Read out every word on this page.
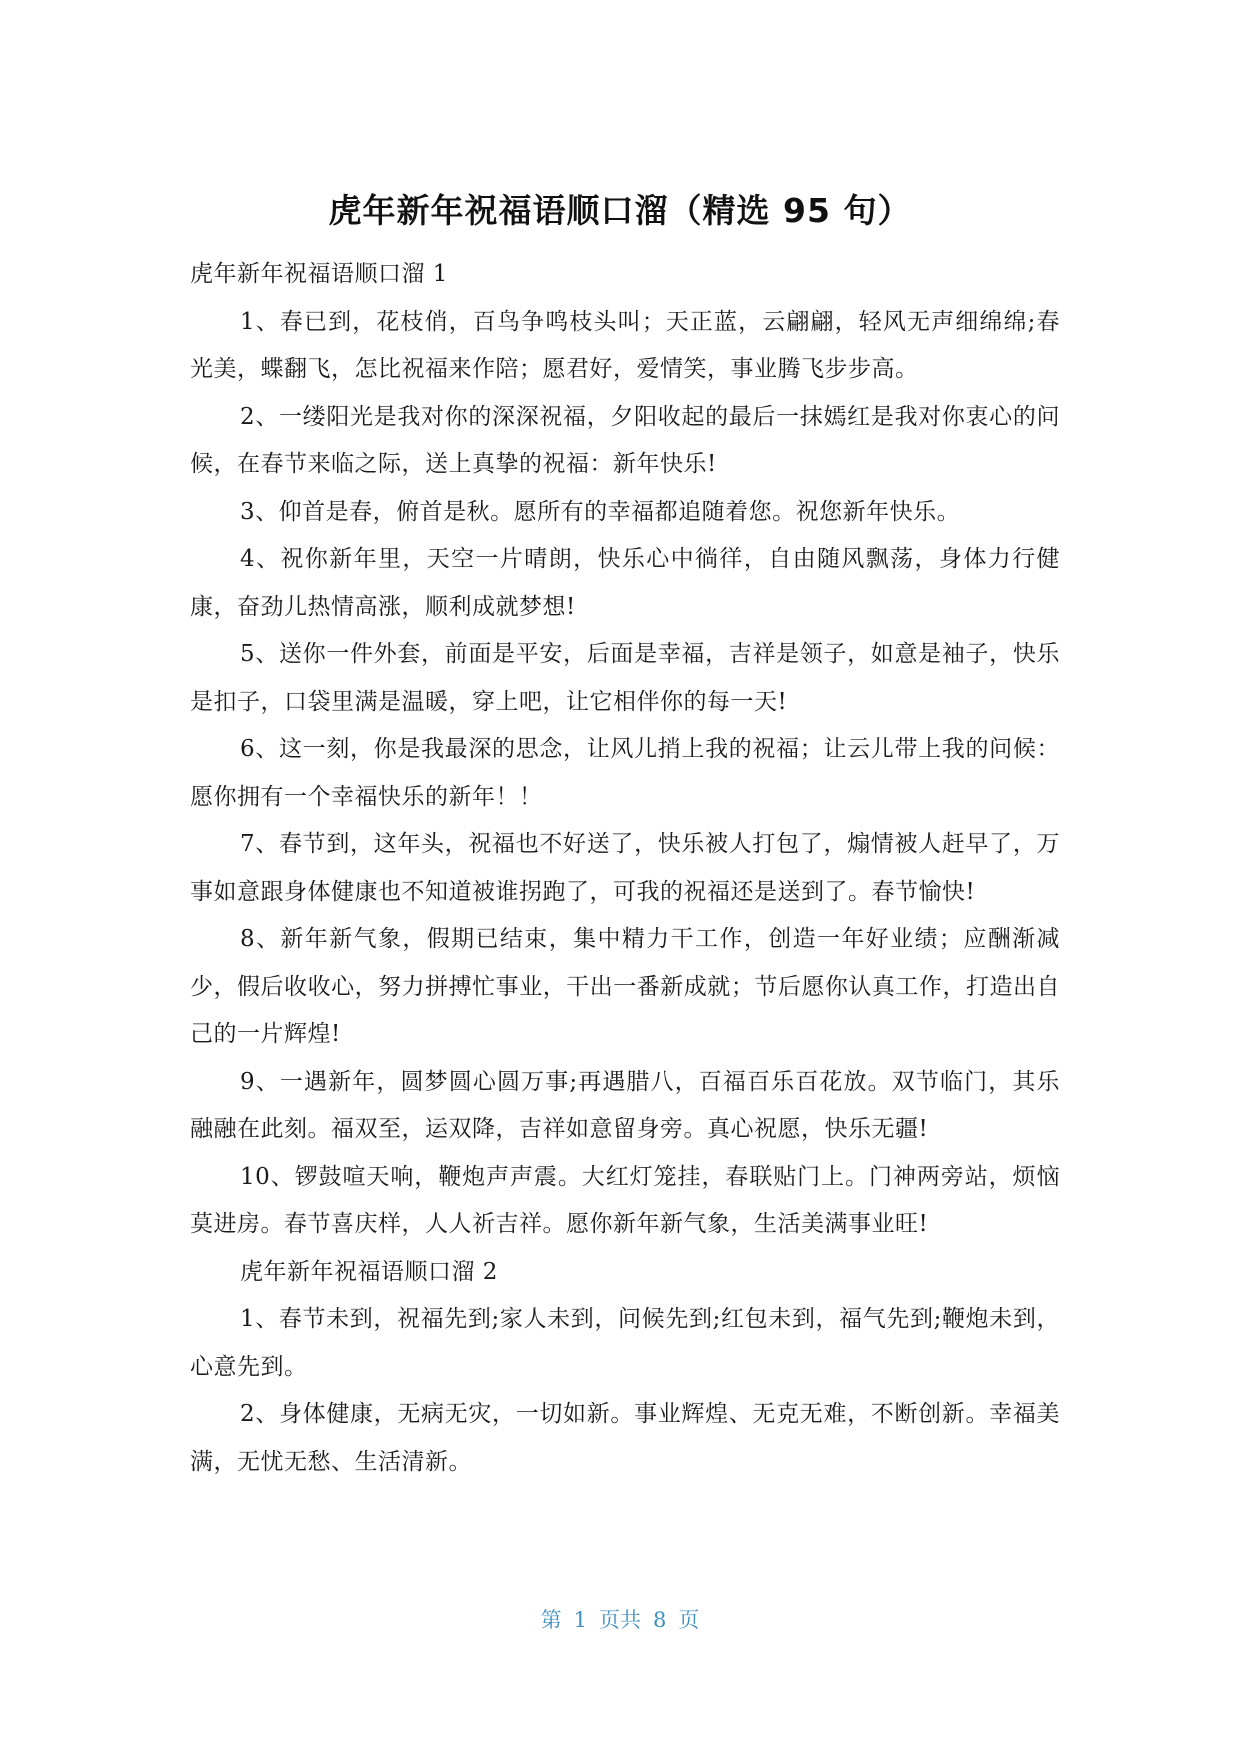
虎年新年祝福语顺口溜（精选 95 句）

虎年新年祝福语顺口溜 1

1、春已到，花枝俏，百鸟争鸣枝头叫；天正蓝，云翩翩，轻风无声细绵绵;春光美，蝶翻飞，怎比祝福来作陪；愿君好，爱情笑，事业腾飞步步高。

2、一缕阳光是我对你的深深祝福，夕阳收起的最后一抹嫣红是我对你衷心的问候，在春节来临之际，送上真挚的祝福：新年快乐!

3、仰首是春，俯首是秋。愿所有的幸福都追随着您。祝您新年快乐。

4、祝你新年里，天空一片晴朗，快乐心中徜徉，自由随风飘荡，身体力行健康，奋劲儿热情高涨，顺利成就梦想!

5、送你一件外套，前面是平安，后面是幸福，吉祥是领子，如意是袖子，快乐是扣子，口袋里满是温暖，穿上吧，让它相伴你的每一天!

6、这一刻，你是我最深的思念，让风儿捎上我的祝福；让云儿带上我的问候：愿你拥有一个幸福快乐的新年！！

7、春节到，这年头，祝福也不好送了，快乐被人打包了，煽情被人赶早了，万事如意跟身体健康也不知道被谁拐跑了，可我的祝福还是送到了。春节愉快!

8、新年新气象，假期已结束，集中精力干工作，创造一年好业绩；应酬渐减少，假后收收心，努力拼搏忙事业，干出一番新成就；节后愿你认真工作，打造出自己的一片辉煌!

9、一遇新年，圆梦圆心圆万事;再遇腊八，百福百乐百花放。双节临门，其乐融融在此刻。福双至，运双降，吉祥如意留身旁。真心祝愿，快乐无疆!

10、锣鼓喧天响，鞭炮声声震。大红灯笼挂，春联贴门上。门神两旁站，烦恼莫进房。春节喜庆样，人人祈吉祥。愿你新年新气象，生活美满事业旺!

虎年新年祝福语顺口溜 2

1、春节未到，祝福先到;家人未到，问候先到;红包未到，福气先到;鞭炮未到，心意先到。

2、身体健康，无病无灾，一切如新。事业辉煌、无克无难，不断创新。幸福美满，无忧无愁、生活清新。

第 1 页共 8 页
